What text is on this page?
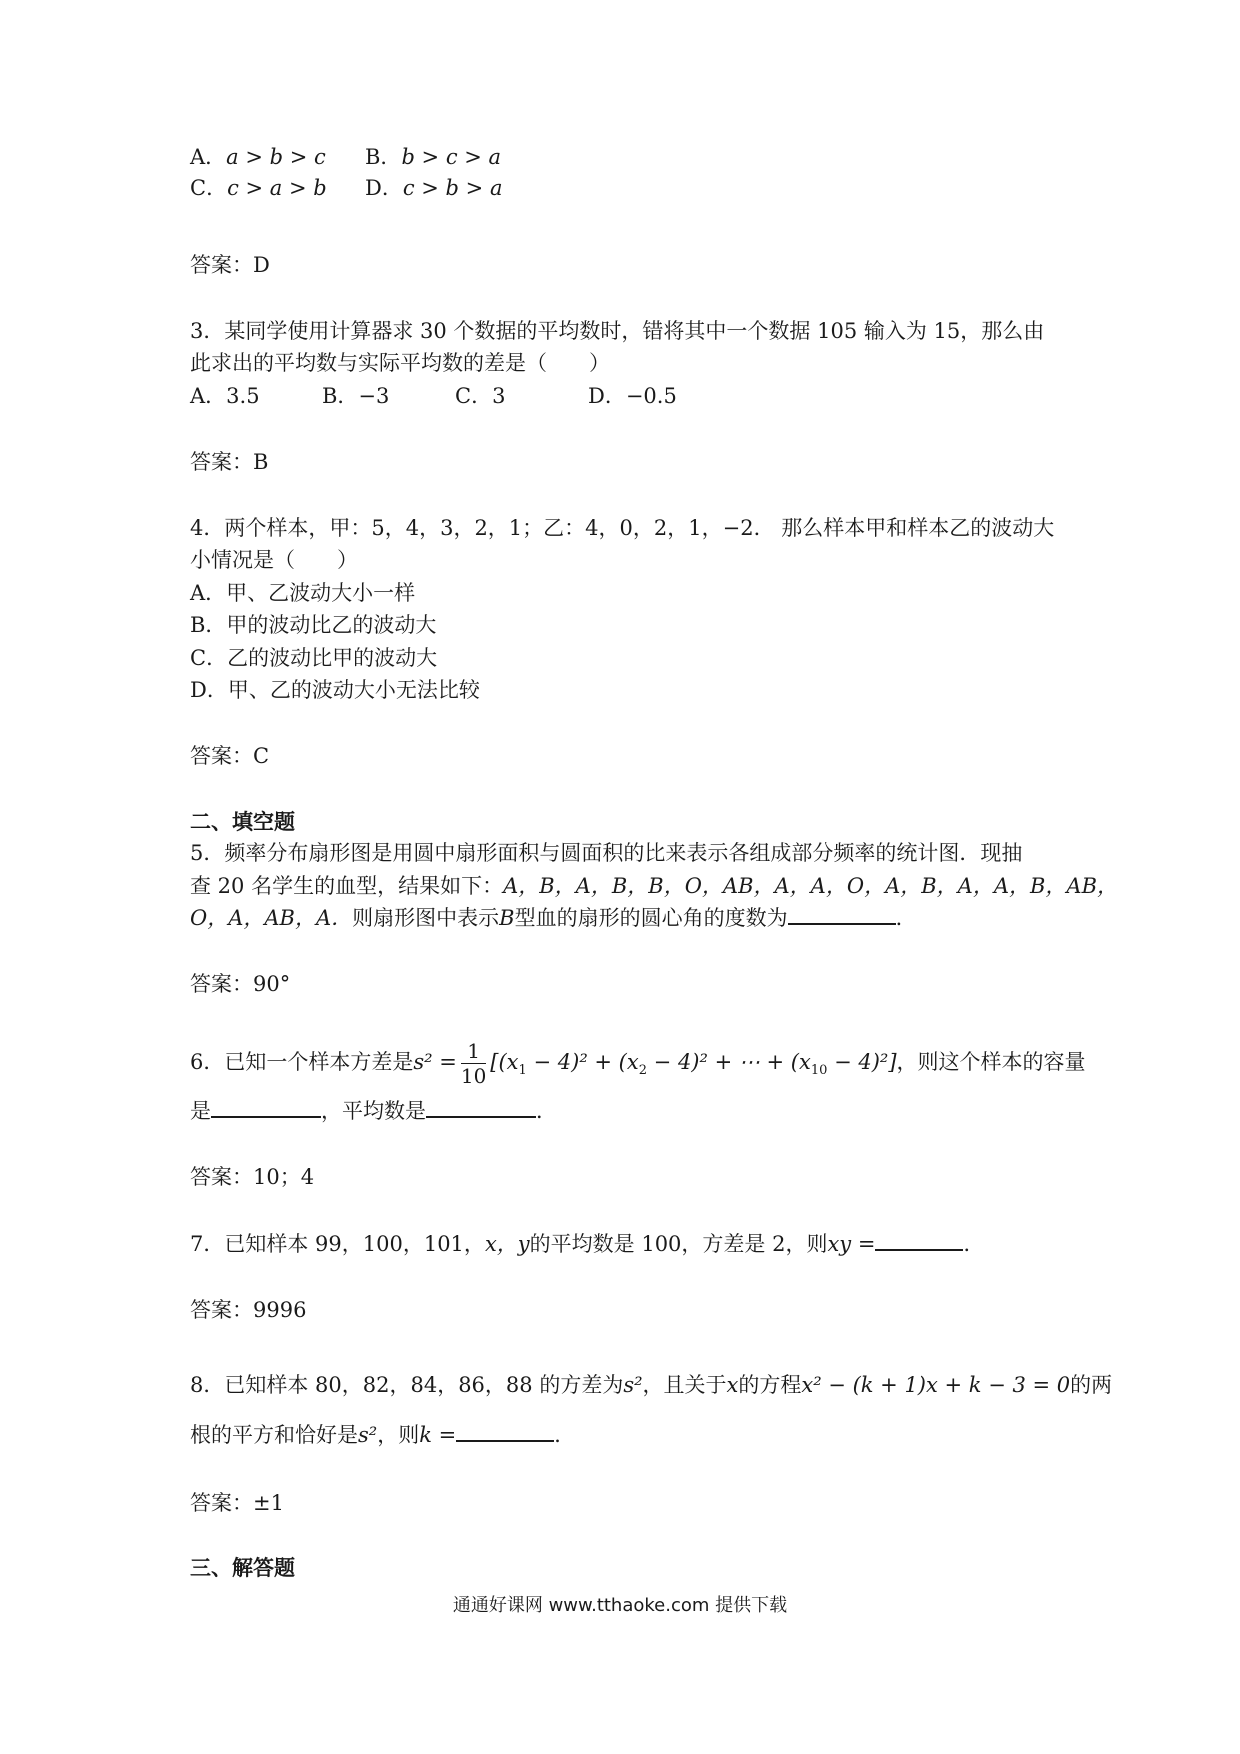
A．a > b > c B．b > c > a
C．c > a > b D．c > b > a
答案：D
3．某同学使用计算器求 30 个数据的平均数时，错将其中一个数据 105 输入为 15，那么由
此求出的平均数与实际平均数的差是（　　）
A．3.5	B．−3	C．3	D．−0.5
答案：B
4．两个样本，甲：5，4，3，2，1；乙：4，0，2，1，−2． 那么样本甲和样本乙的波动大
小情况是（　　）
A．甲、乙波动大小一样
B．甲的波动比乙的波动大
C．乙的波动比甲的波动大
D．甲、乙的波动大小无法比较
答案：C
二、填空题
5．频率分布扇形图是用圆中扇形面积与圆面积的比来表示各组成部分频率的统计图．现抽
查 20 名学生的血型，结果如下：A，B，A，B，B，O，AB，A，A，O，A，B，A，A，B，AB，
O，A，AB，A．则扇形图中表示B型血的扇形的圆心角的度数为	．
答案：90°
6．已知一个样本方差是$s^2 = \frac{1}{10} [(x_1 - 4)^2 + (x_2 - 4)^2$ + ⋯ + $(x_{10} - 4)^2$]，则这个样本的容量
是	，平均数是	．
答案：10；4
7．已知样本 99，100，101，x，y的平均数是 100，方差是 2，则xy =	．
答案：9996
8．已知样本 80，82，84，86，88 的方差为s²，且关于x的方程x² − (k + 1)x + k − 3 = 0的两
根的平方和恰好是s²，则k =	．
答案：±1
三、解答题
通通好课网 www.tthaoke.com 提供下载
